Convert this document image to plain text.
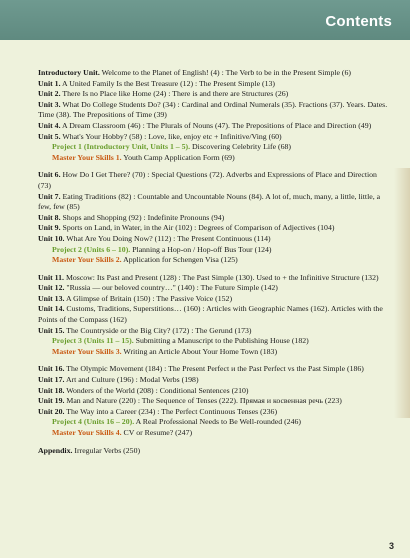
Contents

Introductory Unit. Welcome to the Planet of English! (4) : The Verb to be in the Present Simple (6)

Unit 1. A United Family Is the Best Treasure (12) : The Present Simple (13)

Unit 2. There Is no Place like Home (24) : There is and there are Structures (26)

Unit 3. What Do College Students Do? (34) : Cardinal and Ordinal Numerals (35). Fractions (37). Years. Dates. Time (38). The Prepositions of Time (39)

Unit 4. A Dream Classroom (46) : The Plurals of Nouns (47). The Prepositions of Place and Direction (49)

Unit 5. What's Your Hobby? (58) : Love, like, enjoy etc + Infinitive/Ving (60)

Project 1 (Introductory Unit, Units 1 – 5). Discovering Celebrity Life (68)

Master Your Skills 1. Youth Camp Application Form (69)

Unit 6. How Do I Get There? (70) : Special Questions (72). Adverbs and Expressions of Place and Direction (73)

Unit 7. Eating Traditions (82) : Countable and Uncountable Nouns (84). A lot of, much, many, a little, little, a few, few (85)

Unit 8. Shops and Shopping (92) : Indefinite Pronouns (94)

Unit 9. Sports on Land, in Water, in the Air (102) : Degrees of Comparison of Adjectives (104)

Unit 10. What Are You Doing Now? (112) : The Present Continuous (114)

Project 2 (Units 6 – 10). Planning a Hop-on / Hop-off Bus Tour (124)

Master Your Skills 2. Application for Schengen Visa (125)

Unit 11. Moscow: Its Past and Present (128) : The Past Simple (130). Used to + the Infinitive Structure (132)

Unit 12. "Russia — our beloved country…" (140) : The Future Simple (142)

Unit 13. A Glimpse of Britain (150) : The Passive Voice (152)

Unit 14. Customs, Traditions, Superstitions… (160) : Articles with Geographic Names (162). Articles with the Points of the Compass (162)

Unit 15. The Countryside or the Big City? (172) : The Gerund (173)

Project 3 (Units 11 – 15). Submitting a Manuscript to the Publishing House (182)

Master Your Skills 3. Writing an Article About Your Home Town (183)

Unit 16. The Olympic Movement (184) : The Present Perfect и the Past Perfect vs the Past Simple (186)

Unit 17. Art and Culture (196) : Modal Verbs (198)

Unit 18. Wonders of the World (208) : Conditional Sentences (210)

Unit 19. Man and Nature (220) : The Sequence of Tenses (222). Прямая и косвенная речь (223)

Unit 20. The Way into a Career (234) : The Perfect Continuous Tenses (236)

Project 4 (Units 16 – 20). A Real Professional Needs to Be Well-rounded (246)

Master Your Skills 4. CV or Resume? (247)

Appendix. Irregular Verbs (250)

3
